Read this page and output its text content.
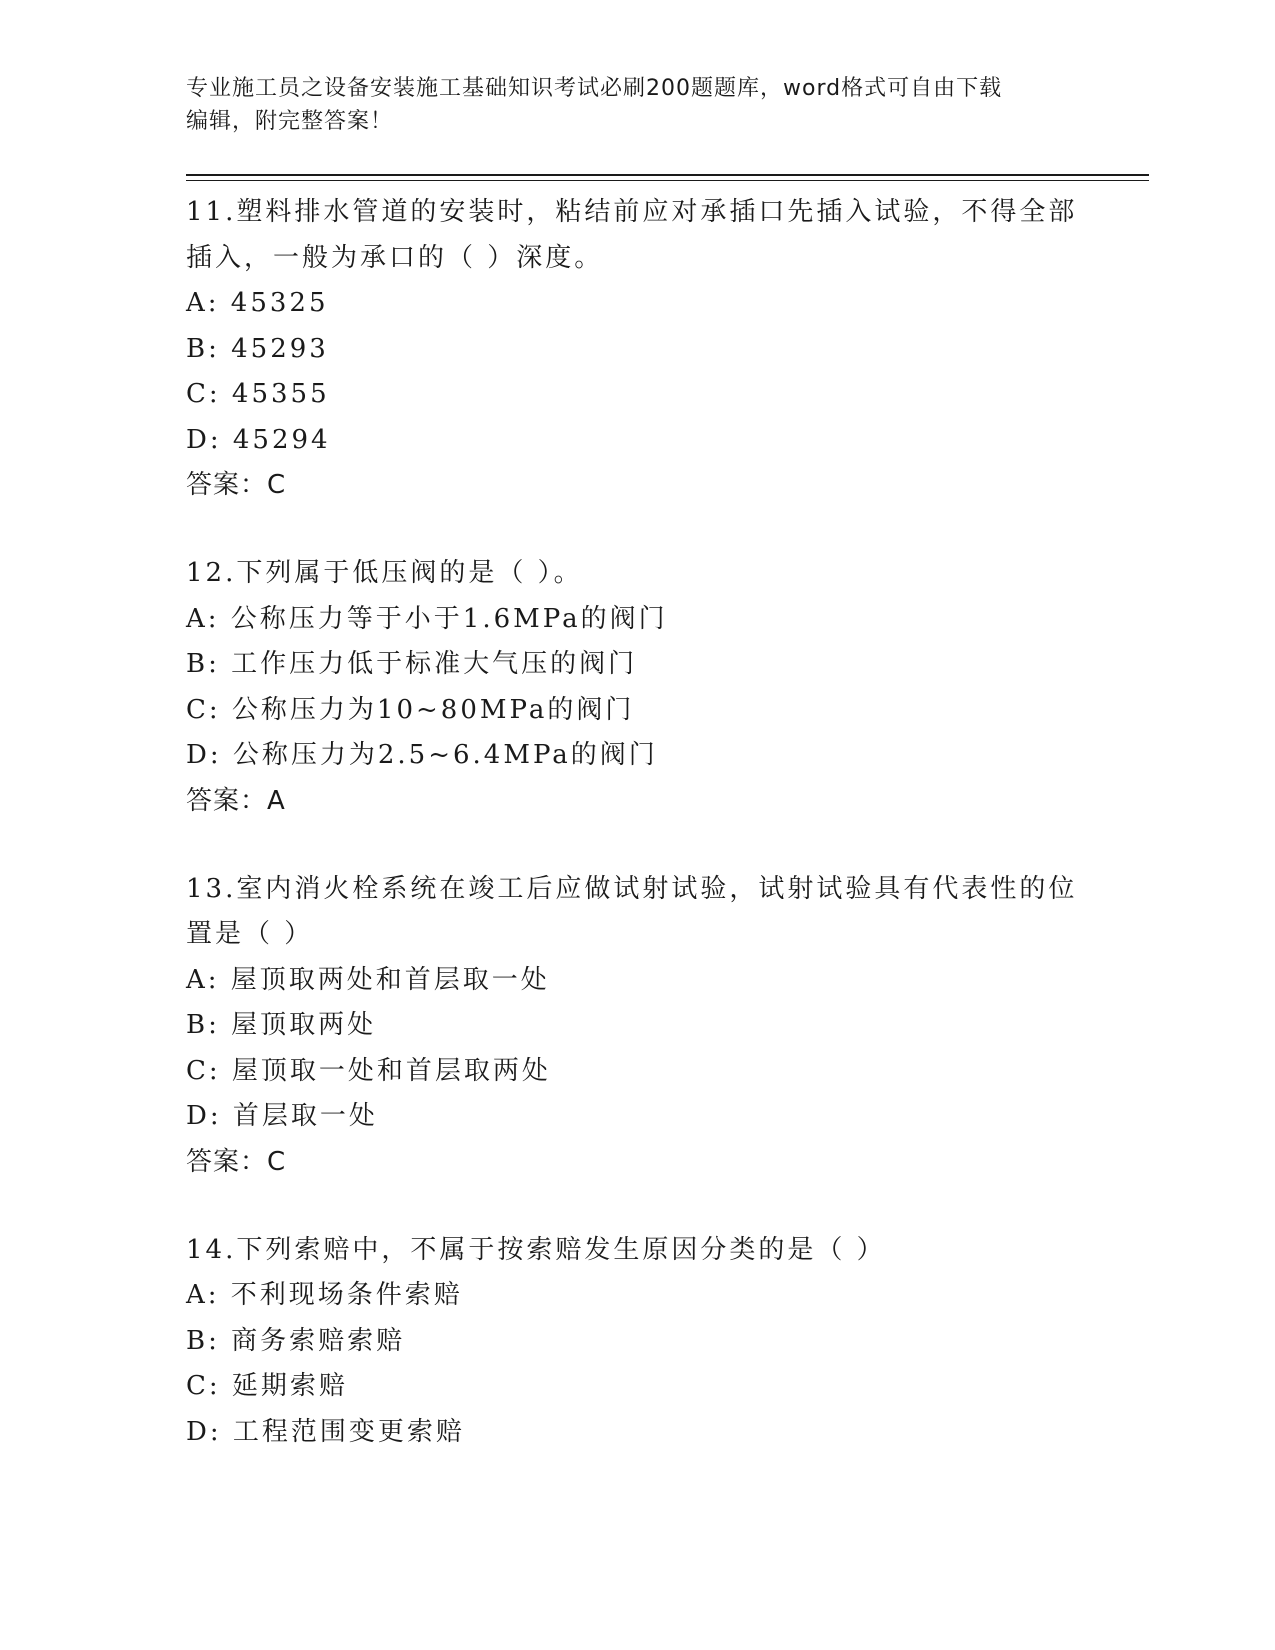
专业施工员之设备安装施工基础知识考试必刷200题题库，word格式可自由下载
编辑，附完整答案！
11.塑料排水管道的安装时，粘结前应对承插口先插入试验，不得全部
插入，一般为承口的（ ）深度。
A: 45325
B: 45293
C: 45355
D: 45294
答案：C
12.下列属于低压阀的是（ ）。
A: 公称压力等于小于1.6MPa的阀门
B: 工作压力低于标准大气压的阀门
C: 公称压力为10~80MPa的阀门
D: 公称压力为2.5~6.4MPa的阀门
答案：A
13.室内消火栓系统在竣工后应做试射试验，试射试验具有代表性的位
置是（ ）
A: 屋顶取两处和首层取一处
B: 屋顶取两处
C: 屋顶取一处和首层取两处
D: 首层取一处
答案：C
14.下列索赔中，不属于按索赔发生原因分类的是（ ）
A: 不利现场条件索赔
B: 商务索赔索赔
C: 延期索赔
D: 工程范围变更索赔
